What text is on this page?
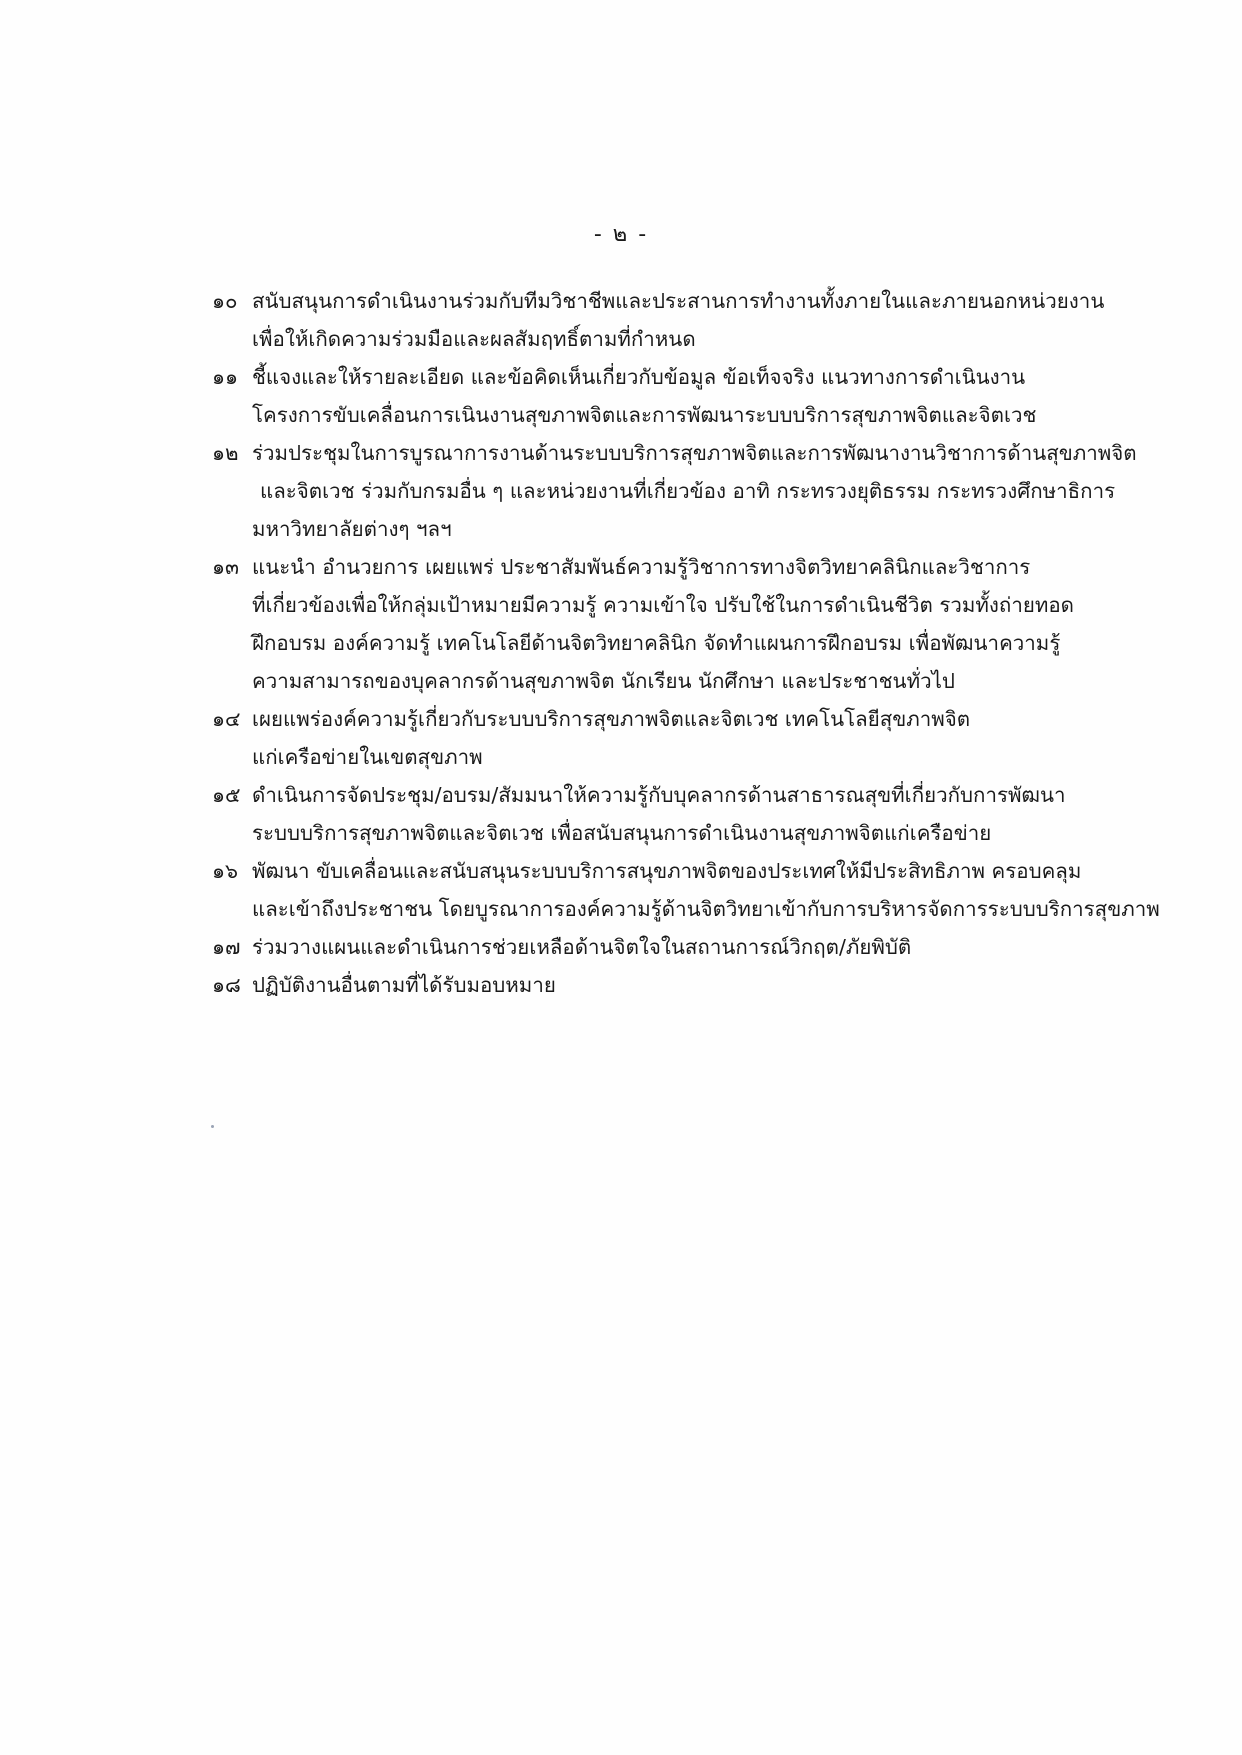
- ๒ -
๑๐ สนับสนุนการดำเนินงานร่วมกับทีมวิชาชีพและประสานการทำงานทั้งภายในและภายนอกหน่วยงาน
เพื่อให้เกิดความร่วมมือและผลสัมฤทธิ์ตามที่กำหนด
๑๑ ชี้แจงและให้รายละเอียด และข้อคิดเห็นเกี่ยวกับข้อมูล ข้อเท็จจริง แนวทางการดำเนินงาน
โครงการขับเคลื่อนการเนินงานสุขภาพจิตและการพัฒนาระบบบริการสุขภาพจิตและจิตเวช
๑๒ ร่วมประชุมในการบูรณาการงานด้านระบบบริการสุขภาพจิตและการพัฒนางานวิชาการด้านสุขภาพจิต
และจิตเวช ร่วมกับกรมอื่น ๆ และหน่วยงานที่เกี่ยวข้อง อาทิ กระทรวงยุติธรรม กระทรวงศึกษาธิการ
มหาวิทยาลัยต่างๆ ฯลฯ
๑๓ แนะนำ อำนวยการ เผยแพร่ ประชาสัมพันธ์ความรู้วิชาการทางจิตวิทยาคลินิกและวิชาการ
ที่เกี่ยวข้องเพื่อให้กลุ่มเป้าหมายมีความรู้ ความเข้าใจ ปรับใช้ในการดำเนินชีวิต รวมทั้งถ่ายทอด
ฝึกอบรม องค์ความรู้ เทคโนโลยีด้านจิตวิทยาคลินิก จัดทำแผนการฝึกอบรม เพื่อพัฒนาความรู้
ความสามารถของบุคลากรด้านสุขภาพจิต นักเรียน นักศึกษา และประชาชนทั่วไป
๑๔ เผยแพร่องค์ความรู้เกี่ยวกับระบบบริการสุขภาพจิตและจิตเวช เทคโนโลยีสุขภาพจิต
แก่เครือข่ายในเขตสุขภาพ
๑๕ ดำเนินการจัดประชุม/อบรม/สัมมนาให้ความรู้กับบุคลากรด้านสาธารณสุขที่เกี่ยวกับการพัฒนา
ระบบบริการสุขภาพจิตและจิตเวช เพื่อสนับสนุนการดำเนินงานสุขภาพจิตแก่เครือข่าย
๑๖ พัฒนา ขับเคลื่อนและสนับสนุนระบบบริการสนุขภาพจิตของประเทศให้มีประสิทธิภาพ ครอบคลุม
และเข้าถึงประชาชน โดยบูรณาการองค์ความรู้ด้านจิตวิทยาเข้ากับการบริหารจัดการระบบบริการสุขภาพ
๑๗ ร่วมวางแผนและดำเนินการช่วยเหลือด้านจิตใจในสถานการณ์วิกฤต/ภัยพิบัติ
๑๘ ปฏิบัติงานอื่นตามที่ได้รับมอบหมาย
